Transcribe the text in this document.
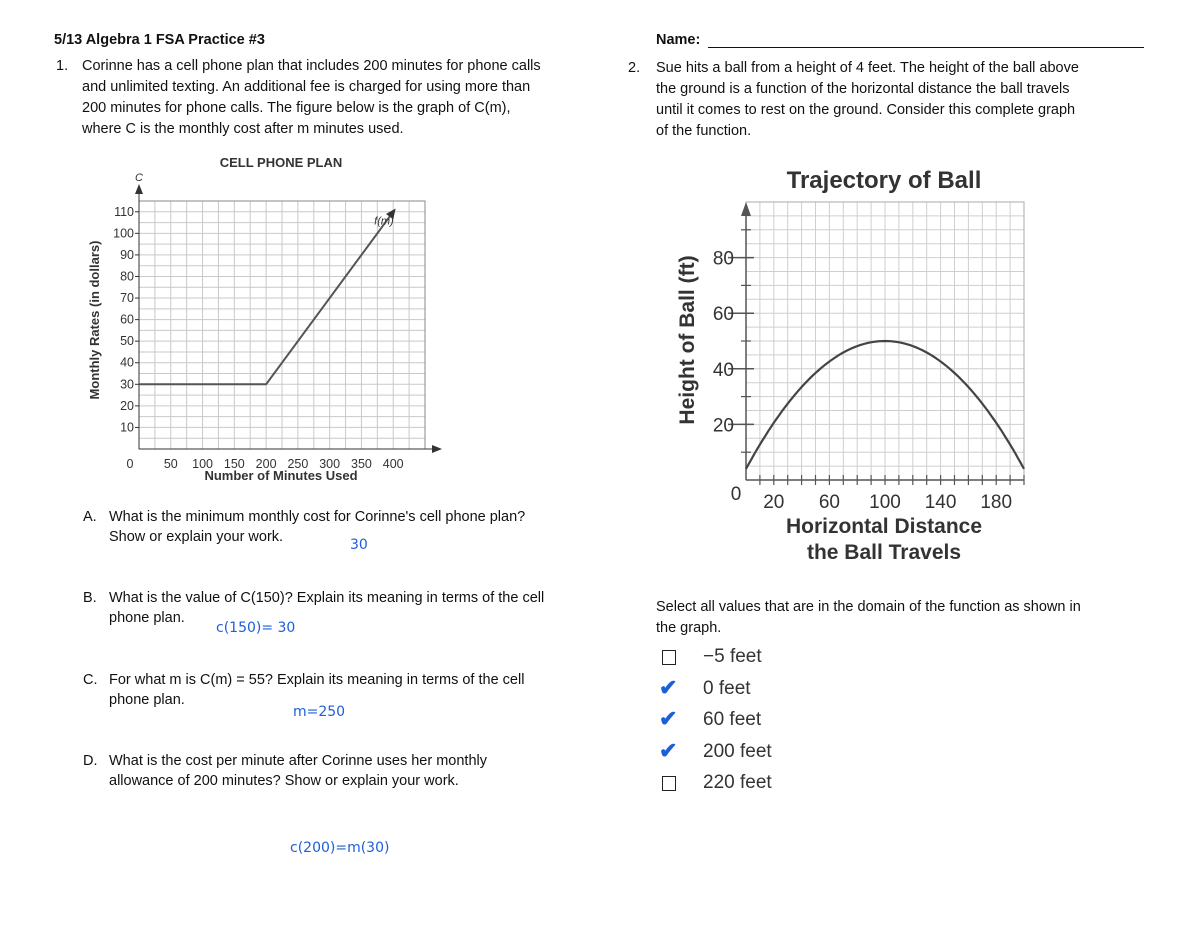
5/13 Algebra 1 FSA Practice #3	Name:
1. Corinne has a cell phone plan that includes 200 minutes for phone calls
and unlimited texting. An additional fee is charged for using more than
200 minutes for phone calls. The figure below is the graph of C(m),
where C is the monthly cost after m minutes used.
CELL PHONE PLAN
0 50 100 150 200 250 300 350 400
10
20
30
40
50
60
70
80
90
100
110
C
f(m)
Number of Minutes Used
Monthly Rates (in dollars)
A. What is the minimum monthly cost for Corinne's cell phone plan?
Show or explain your work.	30
B. What is the value of C(150)? Explain its meaning in terms of the cell
phone plan.
c(150)= 30
C. For what m is C(m) = 55? Explain its meaning in terms of the cell
phone plan.
m=250
D. What is the cost per minute after Corinne uses her monthly
allowance of 200 minutes? Show or explain your work.
c(200)=m(30)
2. Sue hits a ball from a height of 4 feet. The height of the ball above
the ground is a function of the horizontal distance the ball travels
until it comes to rest on the ground. Consider this complete graph
of the function.
Trajectory of Ball
20 60 100 140 180
20
40
60
80
0
Horizontal Distance
the Ball Travels
Height of Ball (ft)
Select all values that are in the domain of the function as shown in
the graph.
−5 feet
✔ 0 feet
✔ 60 feet
✔ 200 feet
220 feet
